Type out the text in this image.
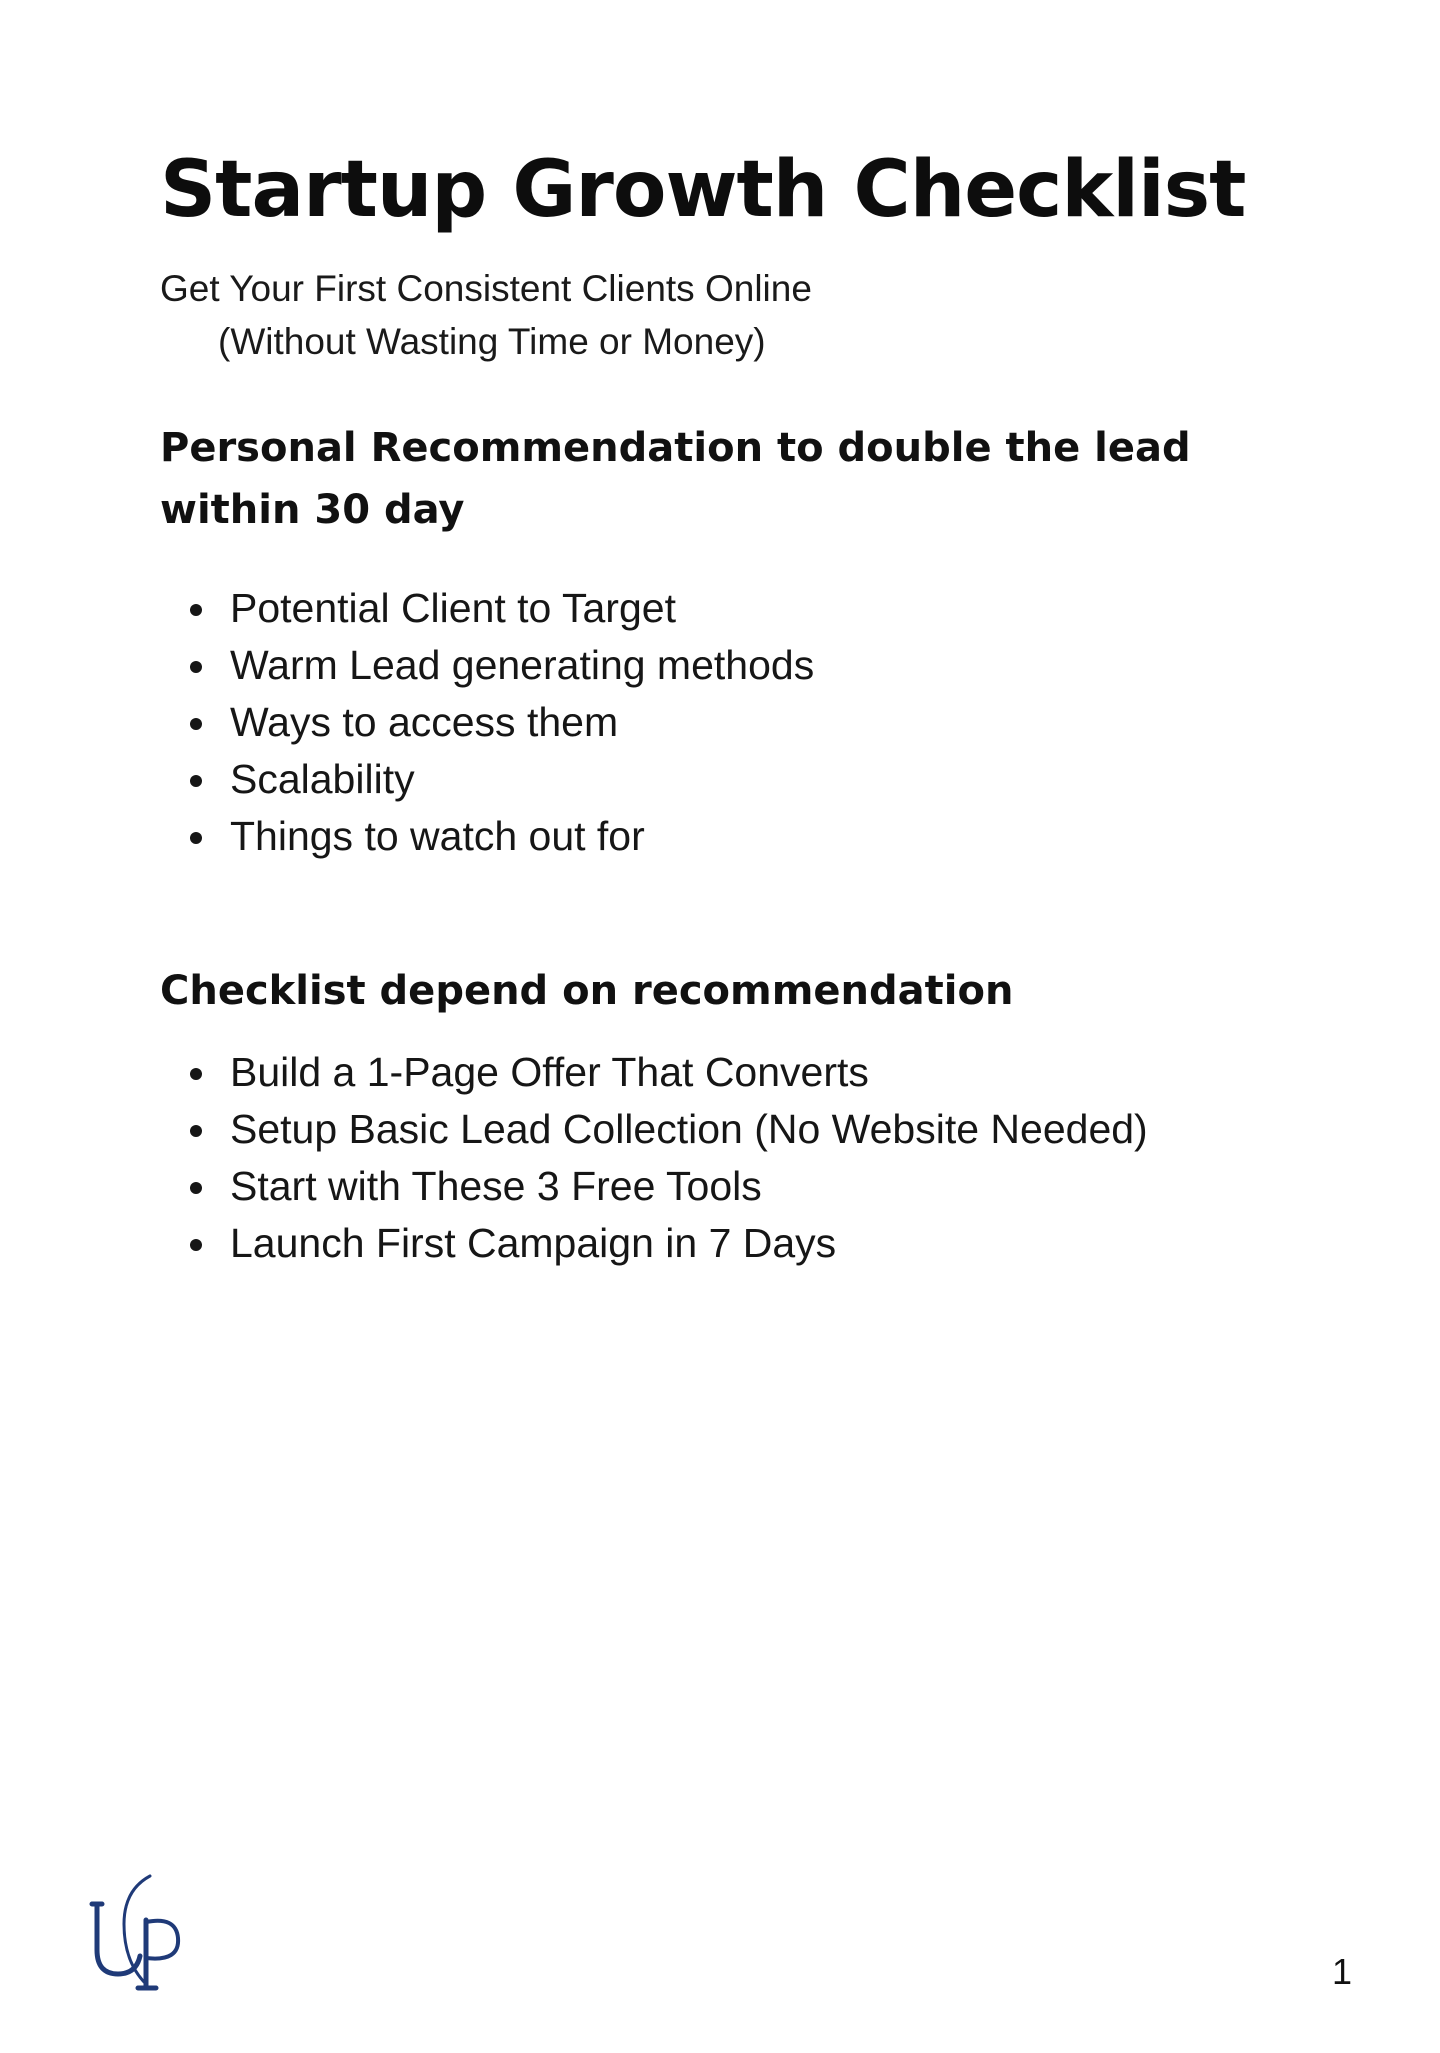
Startup Growth Checklist

Get Your First Consistent Clients Online
(Without Wasting Time or Money)

Personal Recommendation to double the lead within 30 day
Potential Client to Target
Warm Lead generating methods
Ways to access them
Scalability
Things to watch out for
Checklist depend on recommendation
Build a 1-Page Offer That Converts
Setup Basic Lead Collection (No Website Needed)
Start with These 3 Free Tools
Launch First Campaign in 7 Days
1
